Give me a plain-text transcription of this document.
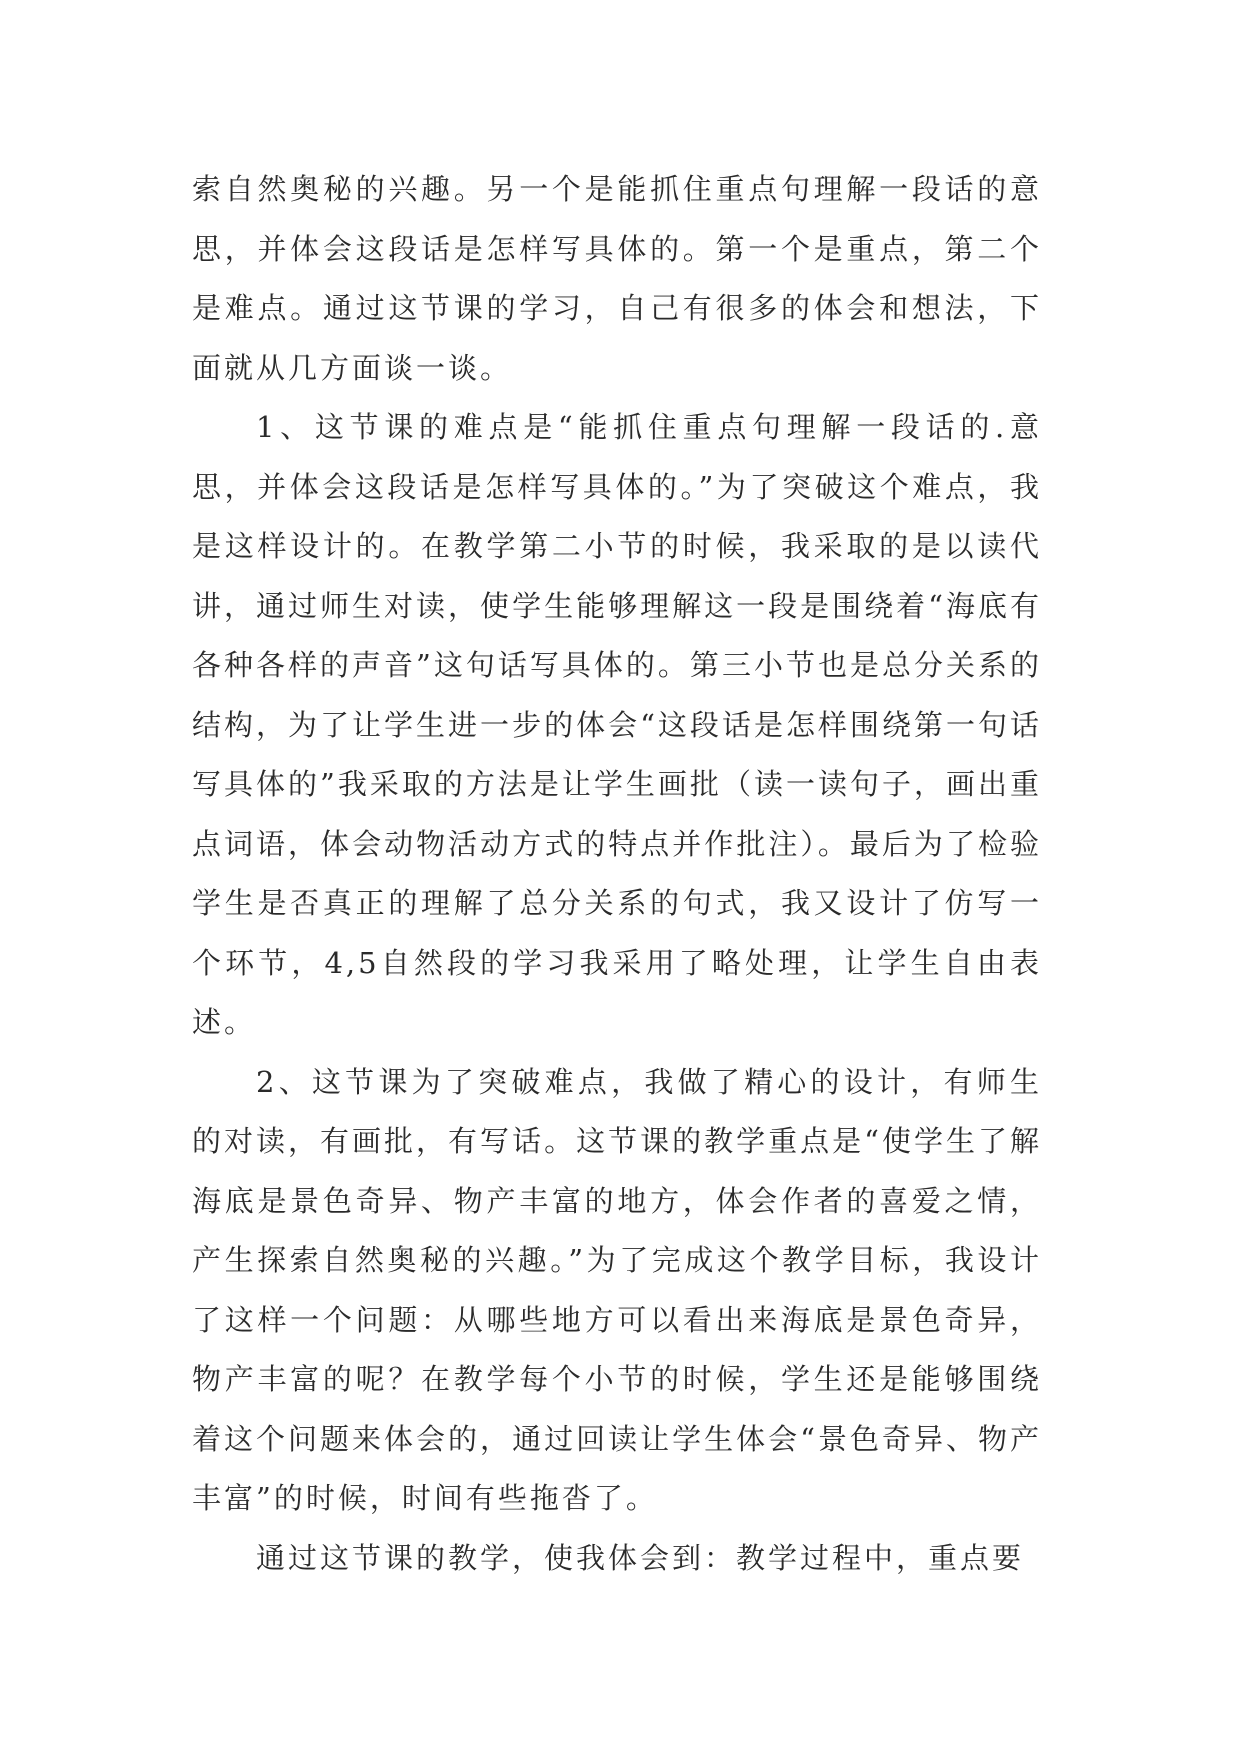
索自然奥秘的兴趣。另一个是能抓住重点句理解一段话的意思，并体会这段话是怎样写具体的。第一个是重点，第二个是难点。通过这节课的学习，自己有很多的体会和想法，下面就从几方面谈一谈。

1、这节课的难点是“能抓住重点句理解一段话的.意思，并体会这段话是怎样写具体的。”为了突破这个难点，我是这样设计的。在教学第二小节的时候，我采取的是以读代讲，通过师生对读，使学生能够理解这一段是围绕着“海底有各种各样的声音”这句话写具体的。第三小节也是总分关系的结构，为了让学生进一步的体会“这段话是怎样围绕第一句话写具体的”我采取的方法是让学生画批（读一读句子，画出重点词语，体会动物活动方式的特点并作批注）。最后为了检验学生是否真正的理解了总分关系的句式，我又设计了仿写一个环节，4,5自然段的学习我采用了略处理，让学生自由表述。

2、这节课为了突破难点，我做了精心的设计，有师生的对读，有画批，有写话。这节课的教学重点是“使学生了解海底是景色奇异、物产丰富的地方，体会作者的喜爱之情，产生探索自然奥秘的兴趣。”为了完成这个教学目标，我设计了这样一个问题：从哪些地方可以看出来海底是景色奇异，物产丰富的呢？在教学每个小节的时候，学生还是能够围绕着这个问题来体会的，通过回读让学生体会“景色奇异、物产丰富”的时候，时间有些拖沓了。

通过这节课的教学，使我体会到：教学过程中，重点要
